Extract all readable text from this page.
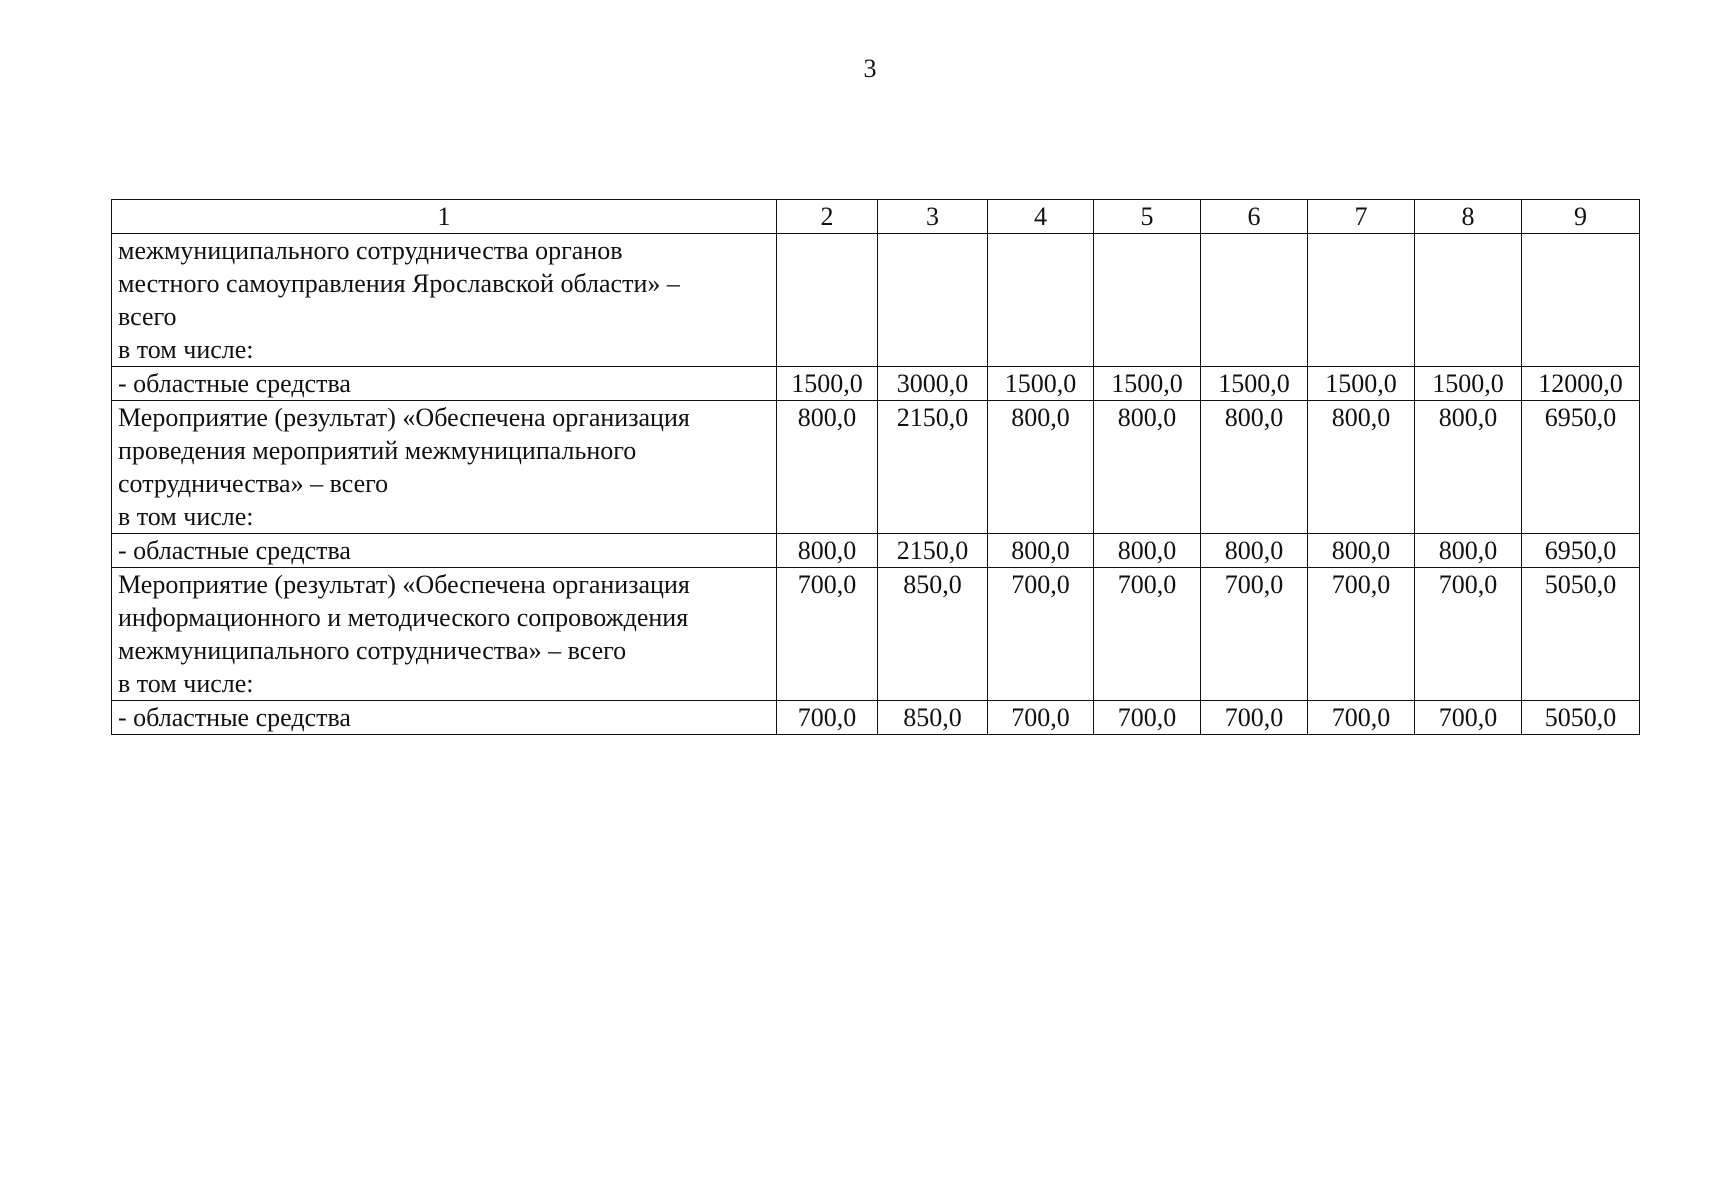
3
1	2	3	4	5	6	7	8	9
межмуниципального сотрудничества органов
местного самоуправления Ярославской области» –
всего
в том числе:								
- областные средства	1500,0	3000,0	1500,0	1500,0	1500,0	1500,0	1500,0	12000,0
Мероприятие (результат) «Обеспечена организация
проведения мероприятий межмуниципального
сотрудничества» – всего
в том числе:	800,0	2150,0	800,0	800,0	800,0	800,0	800,0	6950,0
- областные средства	800,0	2150,0	800,0	800,0	800,0	800,0	800,0	6950,0
Мероприятие (результат) «Обеспечена организация
информационного и методического сопровождения
межмуниципального сотрудничества» – всего
в том числе:	700,0	850,0	700,0	700,0	700,0	700,0	700,0	5050,0
- областные средства	700,0	850,0	700,0	700,0	700,0	700,0	700,0	5050,0
